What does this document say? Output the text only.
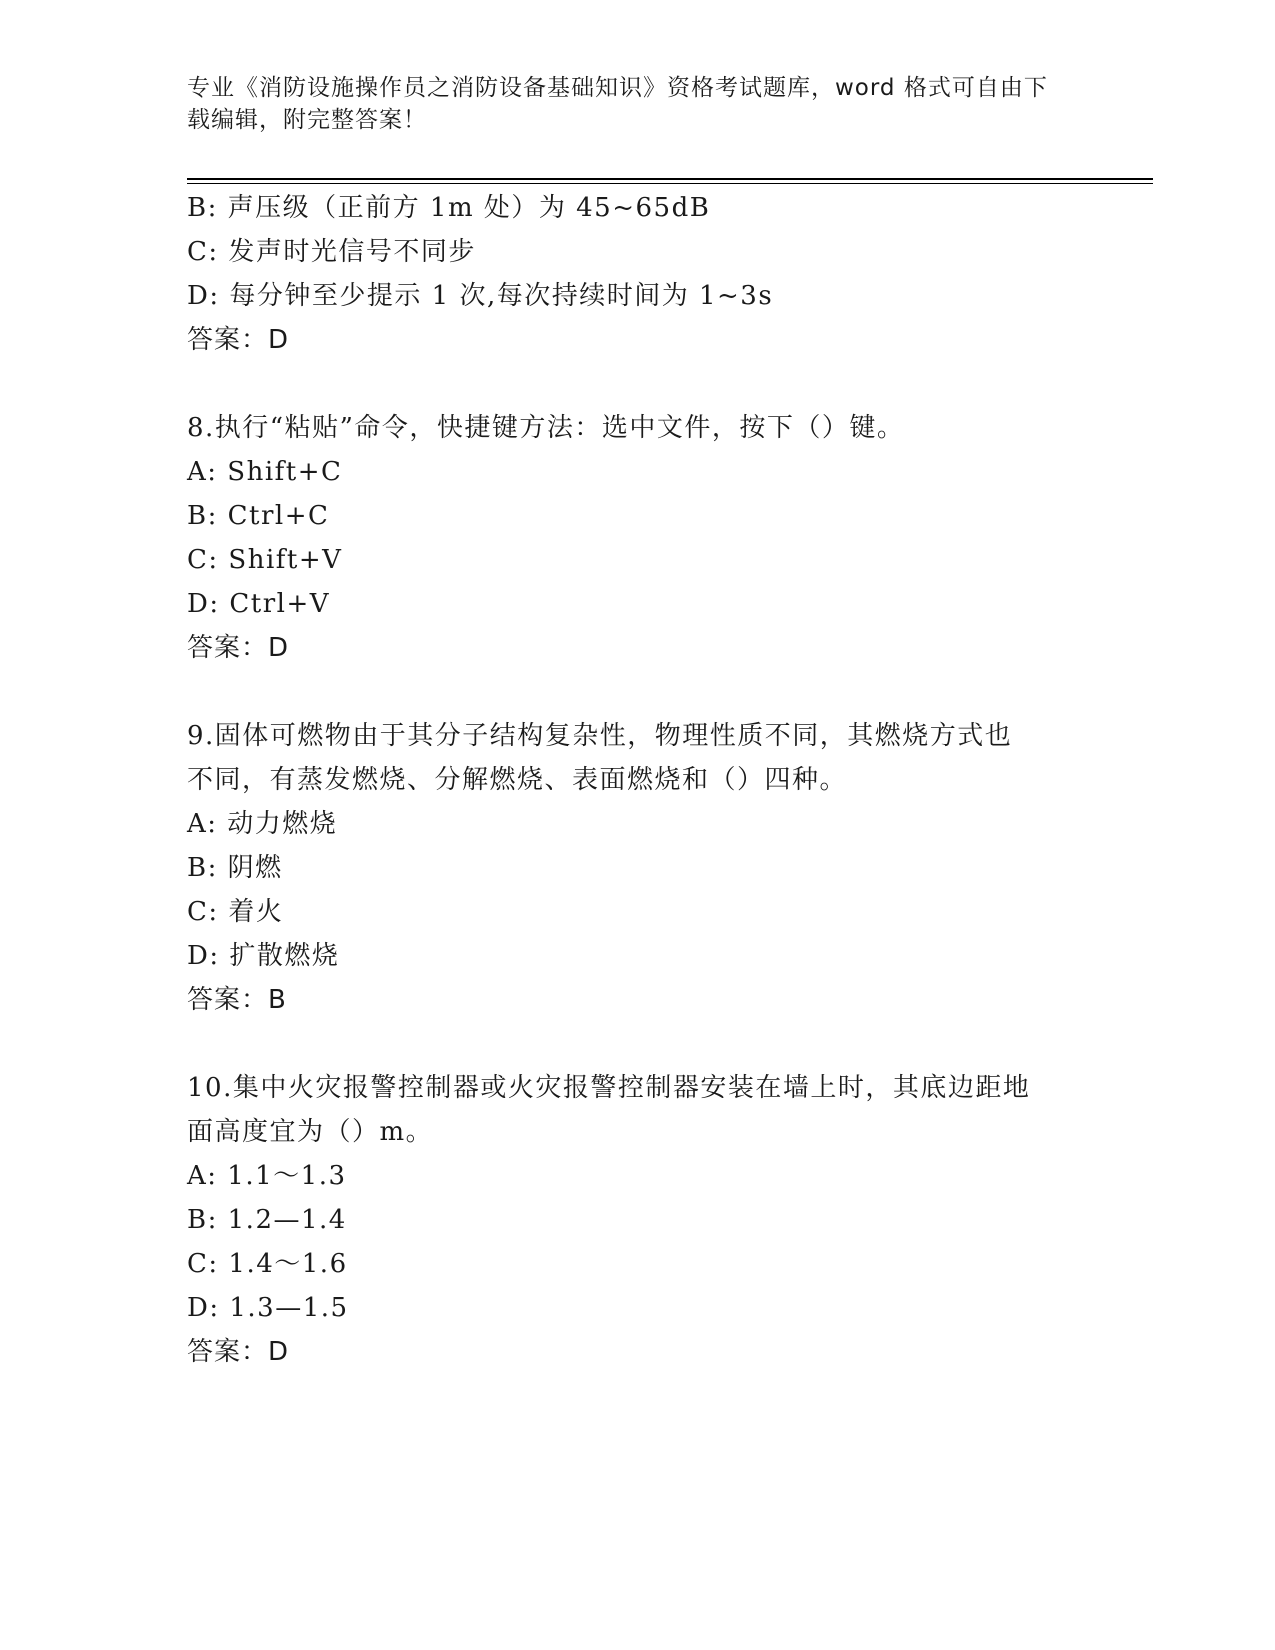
专业《消防设施操作员之消防设备基础知识》资格考试题库，word 格式可自由下载编辑，附完整答案！
B: 声压级（正前方 1m 处）为 45~65dB
C: 发声时光信号不同步
D: 每分钟至少提示 1 次,每次持续时间为 1~3s
答案：D
8.执行“粘贴”命令，快捷键方法：选中文件，按下（）键。
A: Shift+C
B: Ctrl+C
C: Shift+V
D: Ctrl+V
答案：D
9.固体可燃物由于其分子结构复杂性，物理性质不同，其燃烧方式也
不同，有蒸发燃烧、分解燃烧、表面燃烧和（）四种。
A: 动力燃烧
B: 阴燃
C: 着火
D: 扩散燃烧
答案：B
10.集中火灾报警控制器或火灾报警控制器安装在墙上时，其底边距地
面高度宜为（）m。
A: 1.1～1.3
B: 1.2—1.4
C: 1.4～1.6
D: 1.3—1.5
答案：D
